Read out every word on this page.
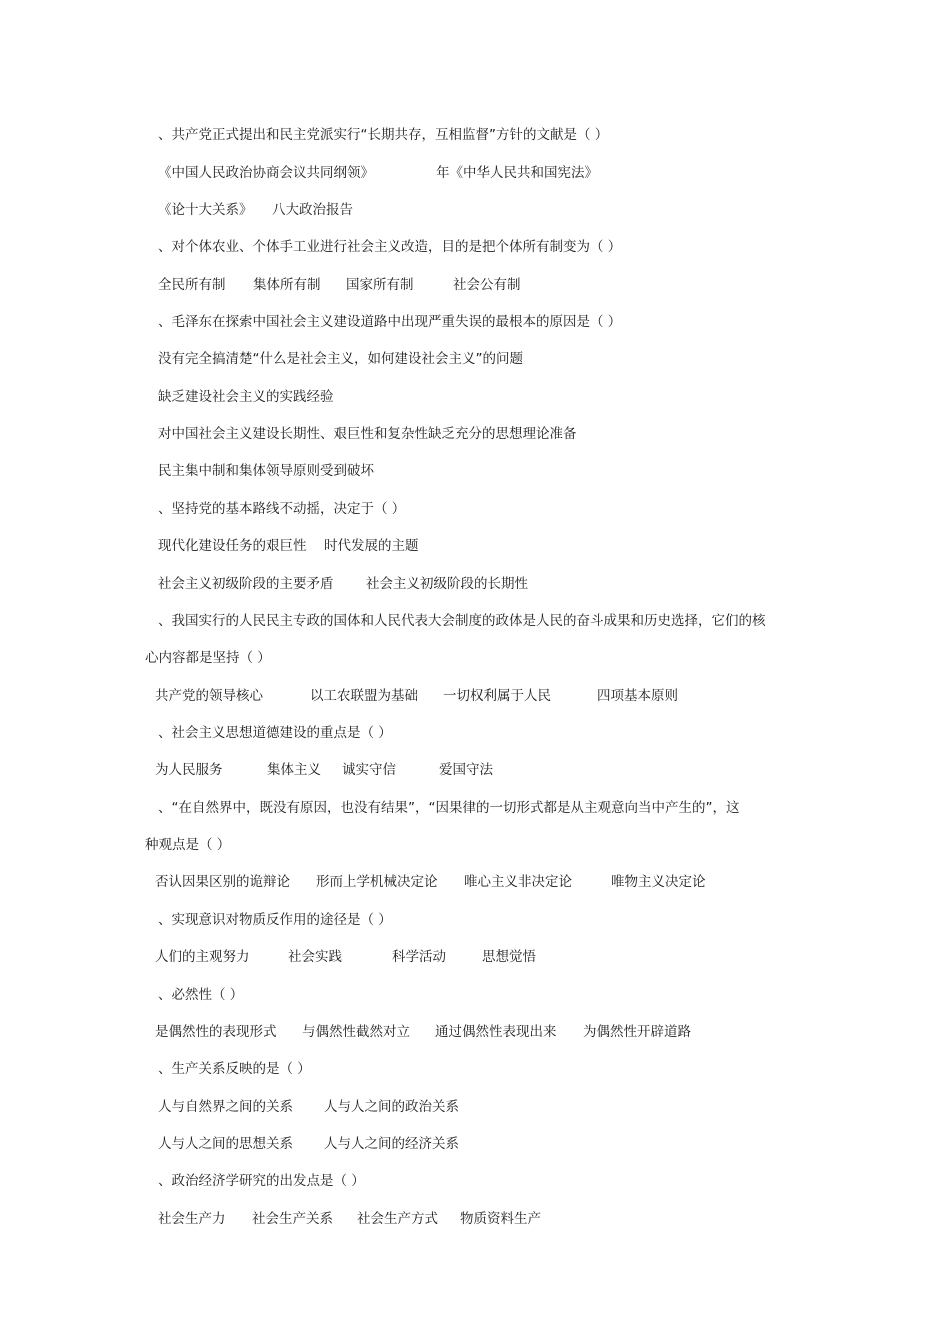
、共产党正式提出和民主党派实行“长期共存，互相监督”方针的文献是（ ）
《中国人民政治协商会议共同纲领》	年《中华人民共和国宪法》
《论十大关系》 八大政治报告
、对个体农业、个体手工业进行社会主义改造，目的是把个体所有制变为（ ）
全民所有制 集体所有制 国家所有制	社会公有制
、毛泽东在探索中国社会主义建设道路中出现严重失误的最根本的原因是（ ）
没有完全搞清楚“什么是社会主义，如何建设社会主义”的问题
缺乏建设社会主义的实践经验
对中国社会主义建设长期性、艰巨性和复杂性缺乏充分的思想理论准备
民主集中制和集体领导原则受到破坏
、坚持党的基本路线不动摇，决定于（ ）
现代化建设任务的艰巨性 时代发展的主题
社会主义初级阶段的主要矛盾 社会主义初级阶段的长期性
、我国实行的人民民主专政的国体和人民代表大会制度的政体是人民的奋斗成果和历史选择，它们的核
心内容都是坚持（ ）
共产党的领导核心	以工农联盟为基础 一切权利属于人民	四项基本原则
、社会主义思想道德建设的重点是（ ）
为人民服务	集体主义 诚实守信	爱国守法
、“在自然界中，既没有原因，也没有结果”，“因果律的一切形式都是从主观意向当中产生的”，这
种观点是（ ）
否认因果区别的诡辩论 形而上学机械决定论 唯心主义非决定论	唯物主义决定论
、实现意识对物质反作用的途径是（ ）
人们的主观努力	社会实践	科学活动	思想觉悟
、必然性（ ）
是偶然性的表现形式 与偶然性截然对立 通过偶然性表现出来 为偶然性开辟道路
、生产关系反映的是（ ）
人与自然界之间的关系 人与人之间的政治关系
人与人之间的思想关系 人与人之间的经济关系
、政治经济学研究的出发点是（ ）
社会生产力 社会生产关系 社会生产方式 物质资料生产
